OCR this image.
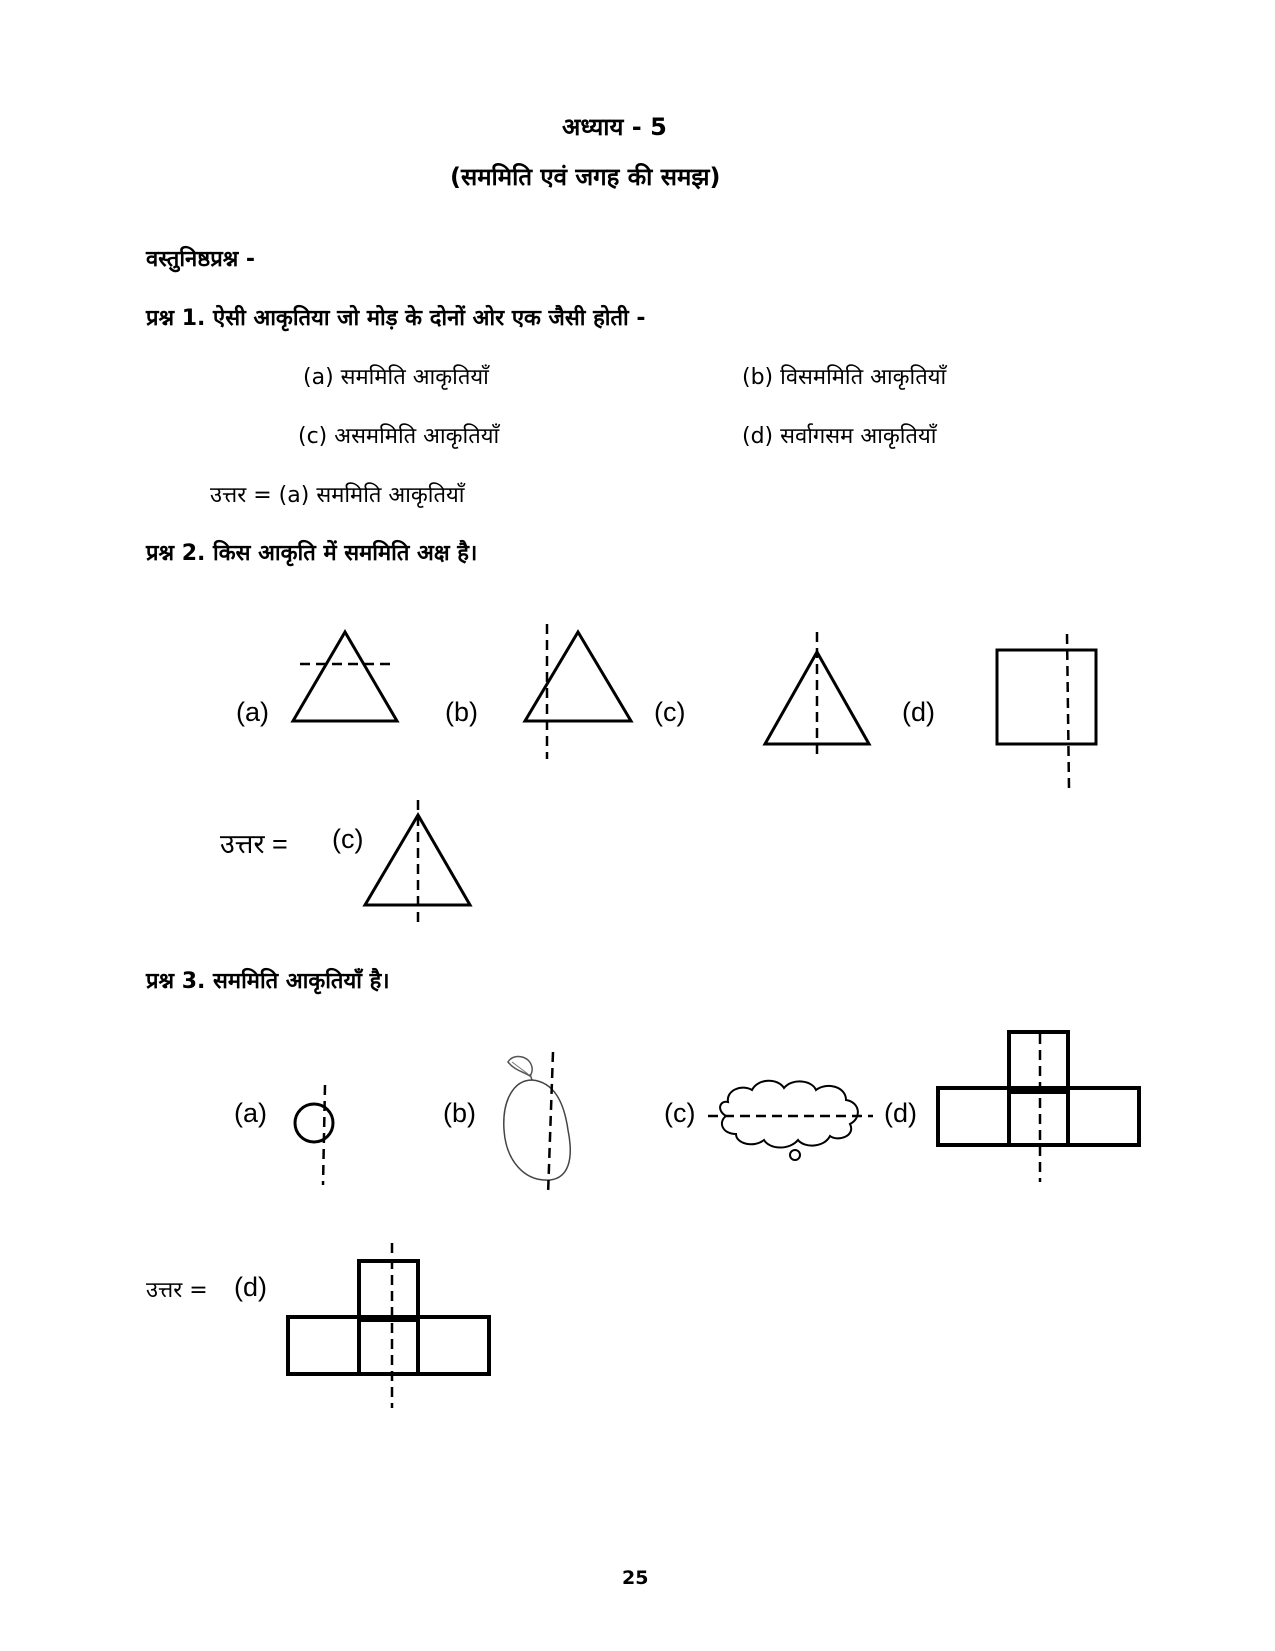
अध्याय - 5
(सममिति एवं जगह की समझ)
वस्तुनिष्ठप्रश्न -
प्रश्न 1. ऐसी आकृतिया जो मोड़ के दोनों ओर एक जैसी होती -
(a) सममिति आकृतियाँ	(b) विसममिति आकृतियाँ
(c) असममिति आकृतियाँ	(d) सर्वागसम आकृतियाँ
उत्तर = (a) सममिति आकृतियाँ
प्रश्न 2. किस आकृति में सममिति अक्ष है।
(a)	(b)	(c)	(d)
उत्तर = (c)
प्रश्न 3. सममिति आकृतियाँ है।
(a)	(b)	(c)	(d)
उत्तर = (d)
25
